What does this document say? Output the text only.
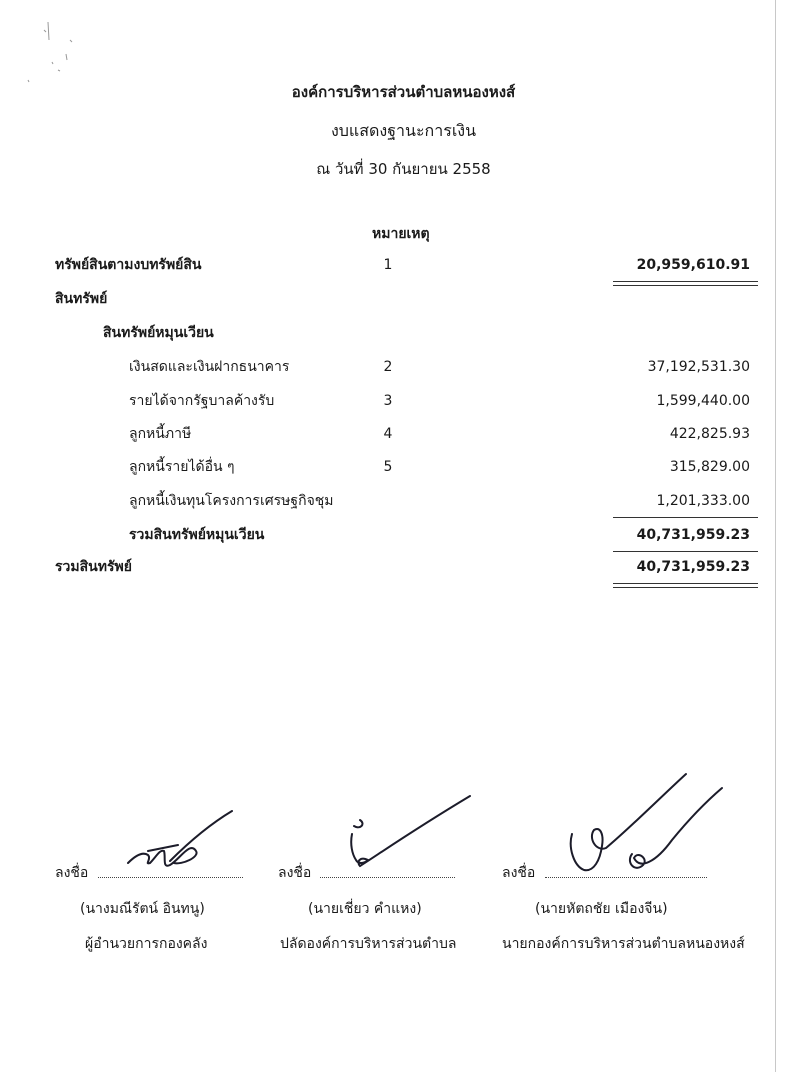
องค์การบริหารส่วนตำบลหนองหงส์
งบแสดงฐานะการเงิน
ณ วันที่ 30 กันยายน 2558
หมายเหตุ
ทรัพย์สินตามงบทรัพย์สิน	1	20,959,610.91
สินทรัพย์
สินทรัพย์หมุนเวียน
เงินสดและเงินฝากธนาคาร	2	37,192,531.30
รายได้จากรัฐบาลค้างรับ	3	1,599,440.00
ลูกหนี้ภาษี	4	422,825.93
ลูกหนี้รายได้อื่น ๆ	5	315,829.00
ลูกหนี้เงินทุนโครงการเศรษฐกิจชุม	1,201,333.00
รวมสินทรัพย์หมุนเวียน	40,731,959.23
รวมสินทรัพย์	40,731,959.23
ลงชื่อ
(นางมณีรัตน์ อินทนู)
ผู้อำนวยการกองคลัง
ลงชื่อ
(นายเชี่ยว คำแหง)
ปลัดองค์การบริหารส่วนตำบล
ลงชื่อ
(นายหัตถชัย เมืองจีน)
นายกองค์การบริหารส่วนตำบลหนองหงส์
